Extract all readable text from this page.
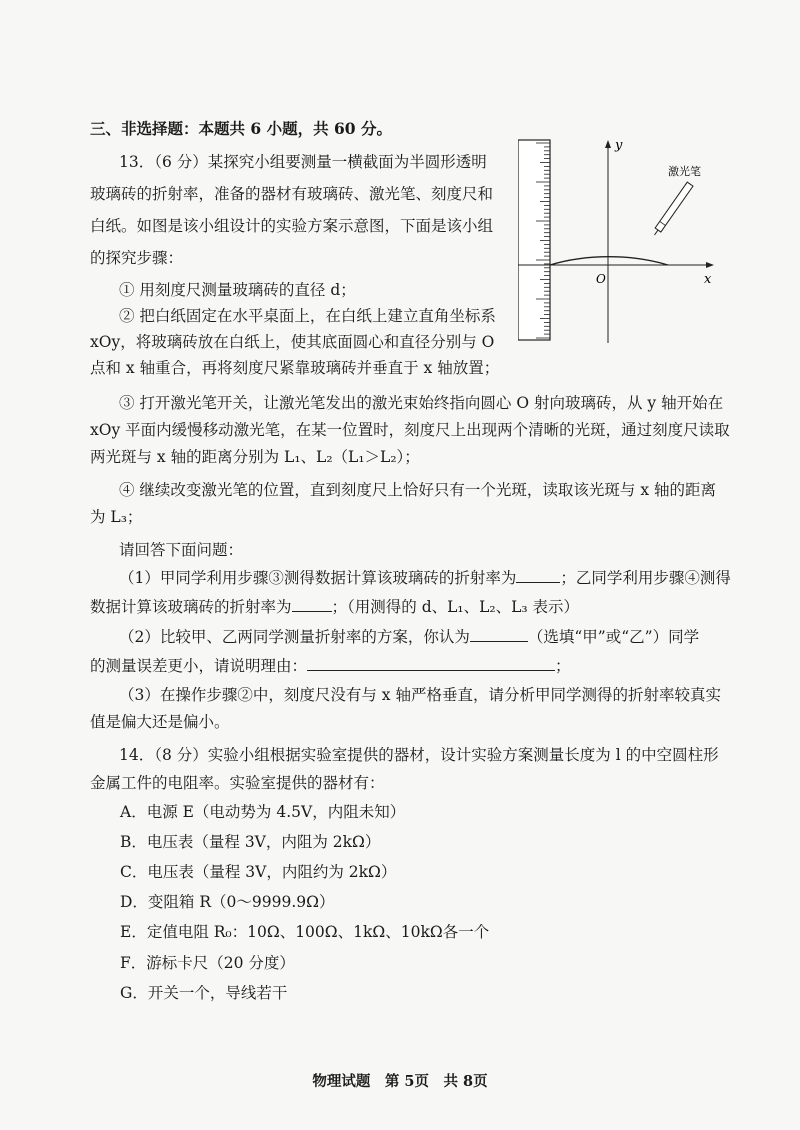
三、非选择题：本题共 6 小题，共 60 分。
13．（6 分）某探究小组要测量一横截面为半圆形透明
玻璃砖的折射率，准备的器材有玻璃砖、激光笔、刻度尺和
白纸。如图是该小组设计的实验方案示意图，下面是该小组
的探究步骤：
① 用刻度尺测量玻璃砖的直径 d；
② 把白纸固定在水平桌面上，在白纸上建立直角坐标系
xOy，将玻璃砖放在白纸上，使其底面圆心和直径分别与 O
点和 x 轴重合，再将刻度尺紧靠玻璃砖并垂直于 x 轴放置；
③ 打开激光笔开关，让激光笔发出的激光束始终指向圆心 O 射向玻璃砖，从 y 轴开始在
xOy 平面内缓慢移动激光笔，在某一位置时，刻度尺上出现两个清晰的光斑，通过刻度尺读取
两光斑与 x 轴的距离分别为 L₁、L₂（L₁＞L₂）；
④ 继续改变激光笔的位置，直到刻度尺上恰好只有一个光斑，读取该光斑与 x 轴的距离
为 L₃；
请回答下面问题：
（1）甲同学利用步骤③测得数据计算该玻璃砖的折射率为	；乙同学利用步骤④测得
数据计算该玻璃砖的折射率为	；（用测得的 d、L₁、L₂、L₃ 表示）
（2）比较甲、乙两同学测量折射率的方案，你认为	（选填“甲”或“乙”）同学
的测量误差更小，请说明理由：	；
（3）在操作步骤②中，刻度尺没有与 x 轴严格垂直，请分析甲同学测得的折射率较真实
值是偏大还是偏小。
14．（8 分）实验小组根据实验室提供的器材，设计实验方案测量长度为 l 的中空圆柱形
金属工件的电阻率。实验室提供的器材有：
A．电源 E（电动势为 4.5V，内阻未知）
B．电压表（量程 3V，内阻为 2kΩ）
C．电压表（量程 3V，内阻约为 2kΩ）
D．变阻箱 R（0～9999.9Ω）
E．定值电阻 R₀：10Ω、100Ω、1kΩ、10kΩ各一个
F．游标卡尺（20 分度）
G．开关一个，导线若干
物理试题　第 5页　共 8页
y
x
O
激光笔
